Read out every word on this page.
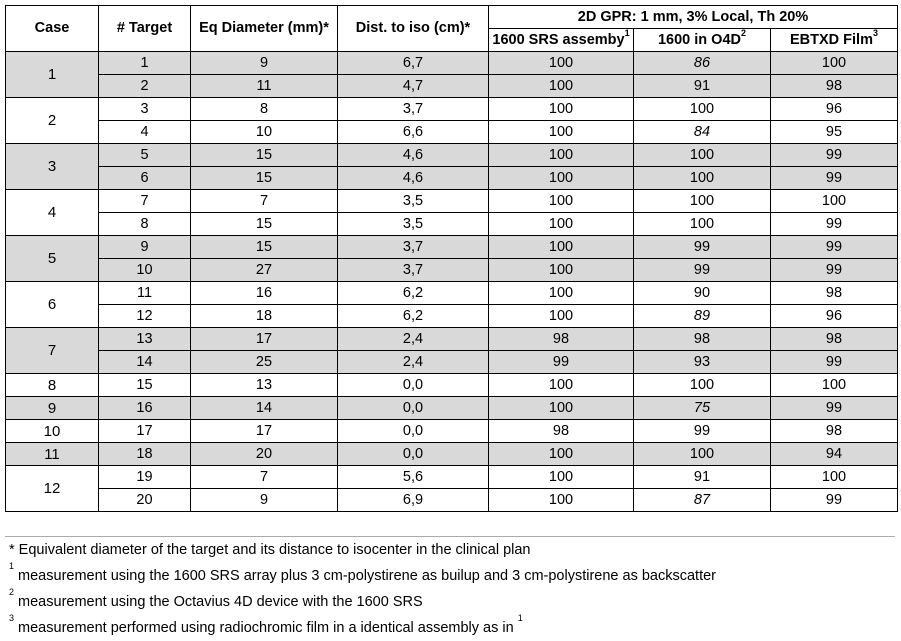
Case	# Target	Eq Diameter (mm)*	Dist. to iso (cm)*	2D GPR: 1 mm, 3% Local, Th 20%		
				1600 SRS assemby$^1$	1600 in $O4D^2$	EBTXD Film$^3$
1	1	9	6,7	100	86	100
	2	11	4,7	100	91	98
2	3	8	3,7	100	100	96
	4	10	6,6	100	84	95
3	5	15	4,6	100	100	99
	6	15	4,6	100	100	99
4	7	7	3,5	100	100	100
	8	15	3,5	100	100	99
5	9	15	3,7	100	99	99
	10	27	3,7	100	99	99
6	11	16	6,2	100	90	98
	12	18	6,2	100	89	96
7	13	17	2,4	98	98	98
	14	25	2,4	99	93	99
8	15	13	0,0	100	100	100
9	16	14	0,0	100	75	99
10	17	17	0,0	98	99	98
11	18	20	0,0	100	100	94
12	19	7	5,6	100	91	100
	20	9	6,9	100	87	99
* Equivalent diameter of the target and its distance to isocenter in the clinical plan
$^1$ measurement using the 1600 SRS array plus 3 cm-polystirene as builup and 3 cm-polystirene as backscatter
$^2$ measurement using the Octavius 4D device with the 1600 SRS
$^3$ measurement performed using radiochromic film in a identical assembly as in $^1$
